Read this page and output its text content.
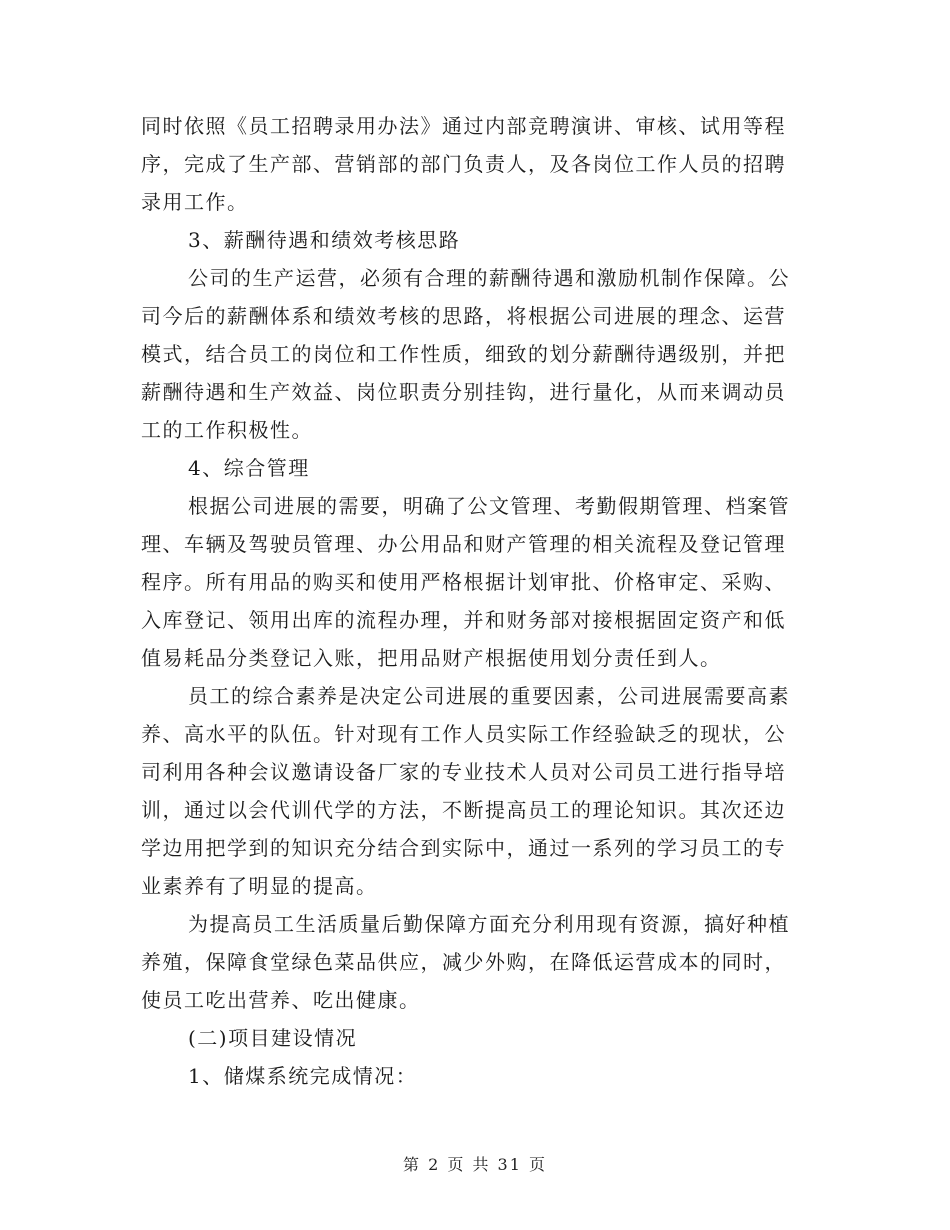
同时依照《员工招聘录用办法》通过内部竞聘演讲、审核、试用等程
序，完成了生产部、营销部的部门负责人，及各岗位工作人员的招聘
录用工作。
3、薪酬待遇和绩效考核思路
公司的生产运营，必须有合理的薪酬待遇和激励机制作保障。公
司今后的薪酬体系和绩效考核的思路，将根据公司进展的理念、运营
模式，结合员工的岗位和工作性质，细致的划分薪酬待遇级别，并把
薪酬待遇和生产效益、岗位职责分别挂钩，进行量化，从而来调动员
工的工作积极性。
4、综合管理
根据公司进展的需要，明确了公文管理、考勤假期管理、档案管
理、车辆及驾驶员管理、办公用品和财产管理的相关流程及登记管理
程序。所有用品的购买和使用严格根据计划审批、价格审定、采购、
入库登记、领用出库的流程办理，并和财务部对接根据固定资产和低
值易耗品分类登记入账，把用品财产根据使用划分责任到人。
员工的综合素养是决定公司进展的重要因素，公司进展需要高素
养、高水平的队伍。针对现有工作人员实际工作经验缺乏的现状，公
司利用各种会议邀请设备厂家的专业技术人员对公司员工进行指导培
训，通过以会代训代学的方法，不断提高员工的理论知识。其次还边
学边用把学到的知识充分结合到实际中，通过一系列的学习员工的专
业素养有了明显的提高。
为提高员工生活质量后勤保障方面充分利用现有资源，搞好种植
养殖，保障食堂绿色菜品供应，减少外购，在降低运营成本的同时，
使员工吃出营养、吃出健康。
(二)项目建设情况
1、储煤系统完成情况：
第 2 页 共 31 页
